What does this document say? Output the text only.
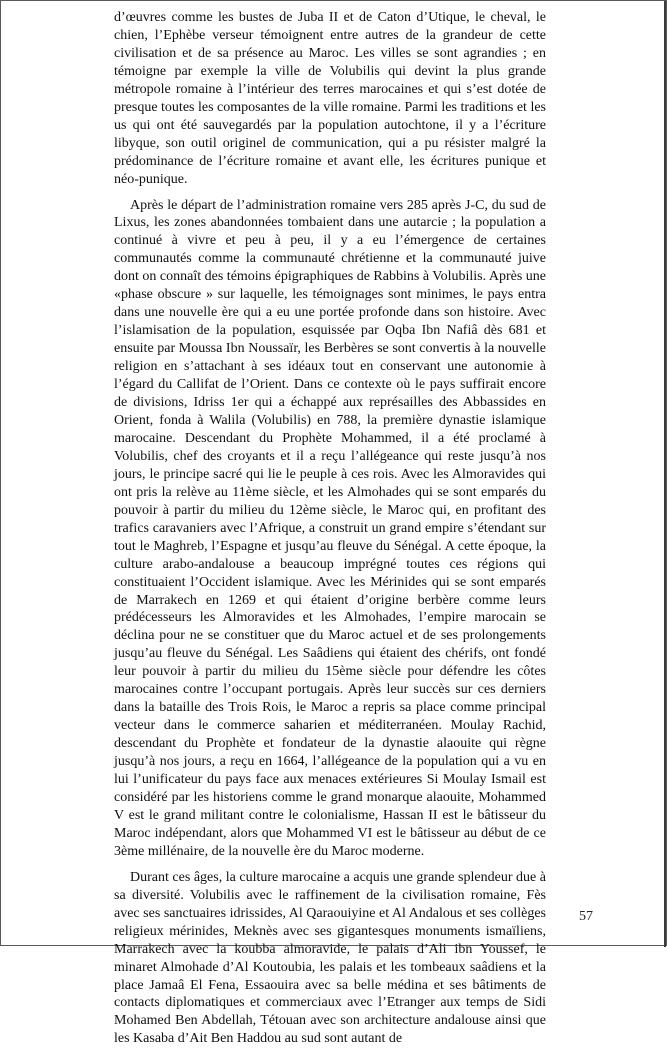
d’œuvres comme les bustes de Juba II et de Caton d’Utique, le cheval, le chien, l’Ephèbe verseur témoignent entre autres de la grandeur de cette civilisation et de sa présence au Maroc. Les villes se sont agrandies ; en témoigne par exemple la ville de Volubilis qui devint la plus grande métropole romaine à l’intérieur des terres marocaines et qui s’est dotée de presque toutes les composantes de la ville romaine. Parmi les traditions et les us qui ont été sauvegardés par la population autochtone, il y a l’écriture libyque, son outil originel de communication, qui a pu résister malgré la prédominance de l’écriture romaine et avant elle, les écritures punique et néo-punique.

Après le départ de l’administration romaine vers 285 après J-C, du sud de Lixus, les zones abandonnées tombaient dans une autarcie ; la population a continué à vivre et peu à peu, il y a eu l’émergence de certaines communautés comme la communauté chrétienne et la communauté juive dont on connaît des témoins épigraphiques de Rabbins à Volubilis. Après une «phase obscure » sur laquelle, les témoignages sont minimes, le pays entra dans une nouvelle ère qui a eu une portée profonde dans son histoire. Avec l’islamisation de la population, esquissée par Oqba Ibn Nafiâ dès 681 et ensuite par Moussa Ibn Noussaïr, les Berbères se sont convertis à la nouvelle religion en s’attachant à ses idéaux tout en conservant une autonomie à l’égard du Callifat de l’Orient. Dans ce contexte où le pays suffirait encore de divisions, Idriss 1er qui a échappé aux représailles des Abbassides en Orient, fonda à Walila (Volubilis) en 788, la première dynastie islamique marocaine. Descendant du Prophète Mohammed, il a été proclamé à Volubilis, chef des croyants et il a reçu l’allégeance qui reste jusqu’à nos jours, le principe sacré qui lie le peuple à ces rois. Avec les Almoravides qui ont pris la relève au 11ème siècle, et les Almohades qui se sont emparés du pouvoir à partir du milieu du 12ème siècle, le Maroc qui, en profitant des trafics caravaniers avec l’Afrique, a construit un grand empire s’étendant sur tout le Maghreb, l’Espagne et jusqu’au fleuve du Sénégal. A cette époque, la culture arabo-andalouse a beaucoup imprégné toutes ces régions qui constituaient l’Occident islamique. Avec les Mérinides qui se sont emparés de Marrakech en 1269 et qui étaient d’origine berbère comme leurs prédécesseurs les Almoravides et les Almohades, l’empire marocain se déclina pour ne se constituer que du Maroc actuel et de ses prolongements jusqu’au fleuve du Sénégal. Les Saâdiens qui étaient des chérifs, ont fondé leur pouvoir à partir du milieu du 15ème siècle pour défendre les côtes marocaines contre l’occupant portugais. Après leur succès sur ces derniers dans la bataille des Trois Rois, le Maroc a repris sa place comme principal vecteur dans le commerce saharien et méditerranéen. Moulay Rachid, descendant du Prophète et fondateur de la dynastie alaouite qui règne jusqu’à nos jours, a reçu en 1664, l’allégeance de la population qui a vu en lui l’unificateur du pays face aux menaces extérieures Si Moulay Ismail est considéré par les historiens comme le grand monarque alaouite, Mohammed V est le grand militant contre le colonialisme, Hassan II est le bâtisseur du Maroc indépendant, alors que Mohammed VI est le bâtisseur au début de ce 3ème millénaire, de la nouvelle ère du Maroc moderne.

Durant ces âges, la culture marocaine a acquis une grande splendeur due à sa diversité. Volubilis avec le raffinement de la civilisation romaine, Fès avec ses sanctuaires idrissides, Al Qaraouiyine et Al Andalous et ses collèges religieux mérinides, Meknès avec ses gigantesques monuments ismaïliens, Marrakech avec la koubba almoravide, le palais d’Ali ibn Youssef, le minaret Almohade d’Al Koutoubia, les palais et les tombeaux saâdiens et la place Jamaâ El Fena, Essaouira avec sa belle médina et ses bâtiments de contacts diplomatiques et commerciaux avec l’Etranger aux temps de Sidi Mohamed Ben Abdellah, Tétouan avec son architecture andalouse ainsi que les Kasaba d’Ait Ben Haddou au sud sont autant de

57
